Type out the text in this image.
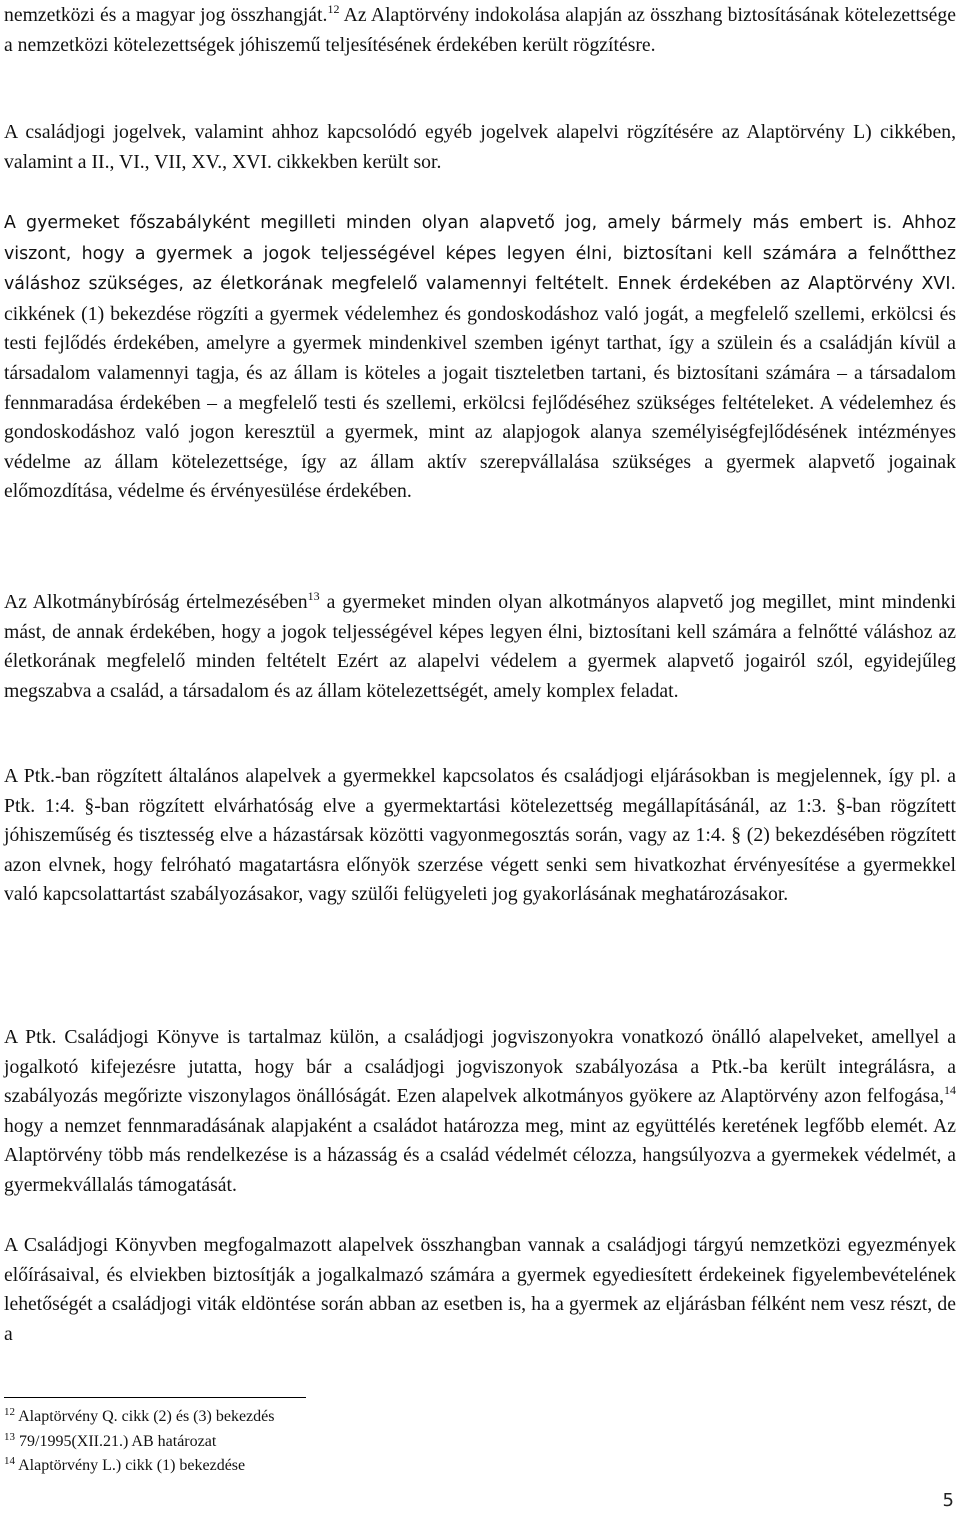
nemzetközi és a magyar jog összhangját.$^{12}$ Az Alaptörvény indokolása alapján az összhang biztosításának kötelezettsége a nemzetközi kötelezettségek jóhiszemű teljesítésének érdekében került rögzítésre.

A családjogi jogelvek, valamint ahhoz kapcsolódó egyéb jogelvek alapelvi rögzítésére az Alaptörvény L) cikkében, valamint a II., VI., VII, XV., XVI. cikkekben került sor.

A gyermeket főszabályként megilleti minden olyan alapvető jog, amely bármely más embert is. Ahhoz viszont, hogy a gyermek a jogok teljességével képes legyen élni, biztosítani kell számára a felnőtthez váláshoz szükséges, az életkorának megfelelő valamennyi feltételt. Ennek érdekében az Alaptörvény XVI. cikkének (1) bekezdése rögzíti a gyermek védelemhez és gondoskodáshoz való jogát, a megfelelő szellemi, erkölcsi és testi fejlődés érdekében, amelyre a gyermek mindenkivel szemben igényt tarthat, így a szülein és a családján kívül a társadalom valamennyi tagja, és az állam is köteles a jogait tiszteletben tartani, és biztosítani számára – a társadalom fennmaradása érdekében – a megfelelő testi és szellemi, erkölcsi fejlődéséhez szükséges feltételeket. A védelemhez és gondoskodáshoz való jogon keresztül a gyermek, mint az alapjogok alanya személyiségfejlődésének intézményes védelme az állam kötelezettsége, így az állam aktív szerepvállalása szükséges a gyermek alapvető jogainak előmozdítása, védelme és érvényesülése érdekében.

Az Alkotmánybíróság értelmezésében$^{13}$ a gyermeket minden olyan alkotmányos alapvető jog megillet, mint mindenki mást, de annak érdekében, hogy a jogok teljességével képes legyen élni, biztosítani kell számára a felnőtté váláshoz az életkorának megfelelő minden feltételt Ezért az alapelvi védelem a gyermek alapvető jogairól szól, egyidejűleg megszabva a család, a társadalom és az állam kötelezettségét, amely komplex feladat.

A Ptk.-ban rögzített általános alapelvek a gyermekkel kapcsolatos és családjogi eljárásokban is megjelennek, így pl. a Ptk. 1:4. §-ban rögzített elvárhatóság elve a gyermektartási kötelezettség megállapításánál, az 1:3. §-ban rögzített jóhiszeműség és tisztesség elve a házastársak közötti vagyonmegosztás során, vagy az 1:4. § (2) bekezdésében rögzített azon elvnek, hogy felróható magatartásra előnyök szerzése végett senki sem hivatkozhat érvényesítése a gyermekkel való kapcsolattartást szabályozásakor, vagy szülői felügyeleti jog gyakorlásának meghatározásakor.

A Ptk. Családjogi Könyve is tartalmaz külön, a családjogi jogviszonyokra vonatkozó önálló alapelveket, amellyel a jogalkotó kifejezésre jutatta, hogy bár a családjogi jogviszonyok szabályozása a Ptk.-ba került integrálásra, a szabályozás megőrizte viszonylagos önállóságát. Ezen alapelvek alkotmányos gyökere az Alaptörvény azon felfogása,$^{14}$ hogy a nemzet fennmaradásának alapjaként a családot határozza meg, mint az együttélés keretének legfőbb elemét. Az Alaptörvény több más rendelkezése is a házasság és a család védelmét célozza, hangsúlyozva a gyermekek védelmét, a gyermekvállalás támogatását.

A Családjogi Könyvben megfogalmazott alapelvek összhangban vannak a családjogi tárgyú nemzetközi egyezmények előírásaival, és elviekben biztosítják a jogalkalmazó számára a gyermek egyediesített érdekeinek figyelembevételének lehetőségét a családjogi viták eldöntése során abban az esetben is, ha a gyermek az eljárásban félként nem vesz részt, de a

$^{12}$ Alaptörvény Q. cikk (2) és (3) bekezdés
$^{13}$ 79/1995(XII.21.) AB határozat
$^{14}$ Alaptörvény L.) cikk (1) bekezdése
5
